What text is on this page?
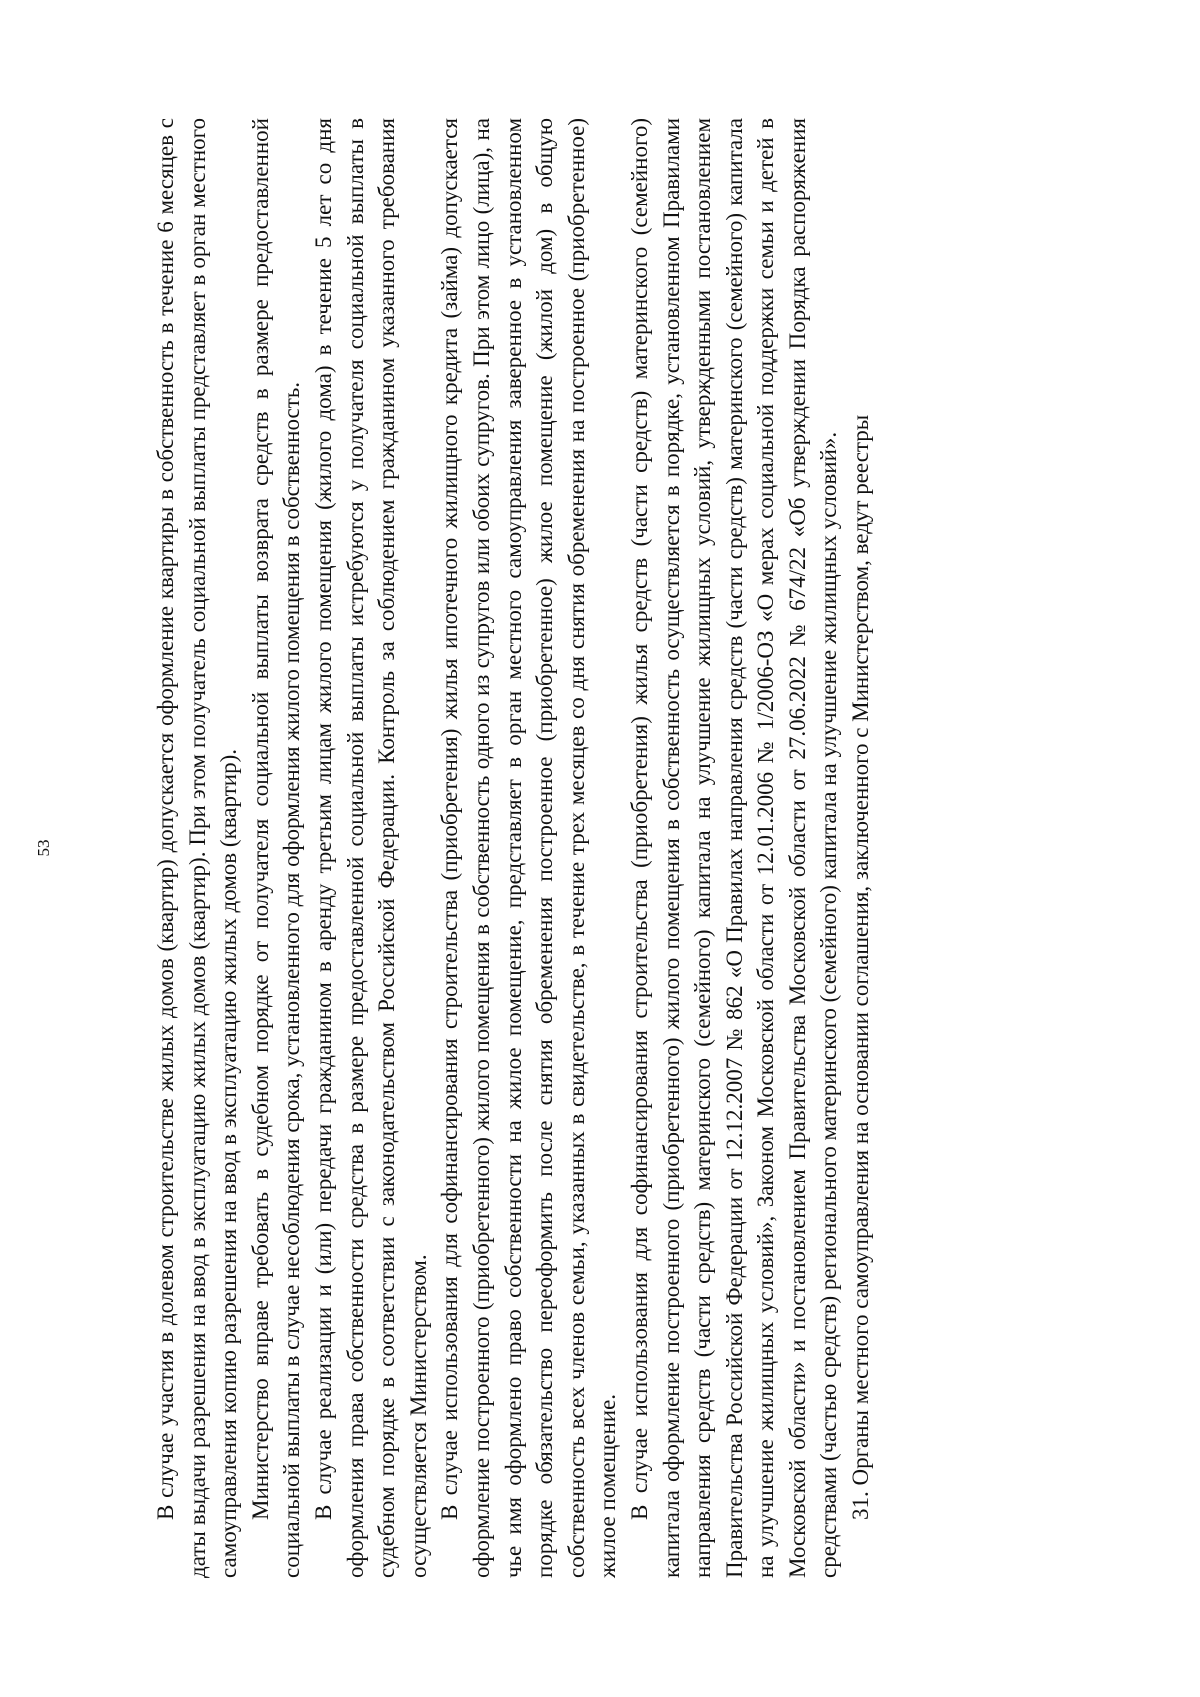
53	В случае участия в долевом строительстве жилых домов (квартир) допускается оформление квартиры в собственность в течение 6 месяцев с даты выдачи разрешения на ввод в эксплуатацию жилых домов (квартир). При этом получатель социальной выплаты представляет в орган местного самоуправления копию разрешения на ввод в эксплуатацию жилых домов (квартир). Министерство вправе требовать в судебном порядке от получателя социальной выплаты возврата средств в размере предоставленной социальной выплаты в случае несоблюдения срока, установленного для оформления жилого помещения в собственность. В случае реализации и (или) передачи гражданином в аренду третьим лицам жилого помещения (жилого дома) в течение 5 лет со дня оформления права собственности средства в размере предоставленной социальной выплаты истребуются у получателя социальной выплаты в судебном порядке в соответствии с законодательством Российской Федерации. Контроль за соблюдением гражданином указанного требования осуществляется Министерством. В случае использования для софинансирования строительства (приобретения) жилья ипотечного жилищного кредита (займа) допускается оформление построенного (приобретенного) жилого помещения в собственность одного из супругов или обоих супругов. При этом лицо (лица), на чье имя оформлено право собственности на жилое помещение, представляет в орган местного самоуправления заверенное в установленном порядке обязательство переоформить после снятия обременения построенное (приобретенное) жилое помещение (жилой дом) в общую собственность всех членов семьи, указанных в свидетельстве, в течение трех месяцев со дня снятия обременения на построенное (приобретенное) жилое помещение. В случае использования для софинансирования строительства (приобретения) жилья средств (части средств) материнского (семейного) капитала оформление построенного (приобретенного) жилого помещения в собственность осуществляется в порядке, установленном Правилами направления средств (части средств) материнского (семейного) капитала на улучшение жилищных условий, утвержденными постановлением Правительства Российской Федерации от 12.12.2007 № 862 «О Правилах направления средств (части средств) материнского (семейного) капитала на улучшение жилищных условий», Законом Московской области от 12.01.2006 № 1/2006-ОЗ «О мерах социальной поддержки семьи и детей в Московской области» и постановлением Правительства Московской области от 27.06.2022 № 674/22 «Об утверждении Порядка распоряжения средствами (частью средств) регионального материнского (семейного) капитала на улучшение жилищных условий». 31. Органы местного самоуправления на основании соглашения, заключенного с Министерством, ведут реестры
